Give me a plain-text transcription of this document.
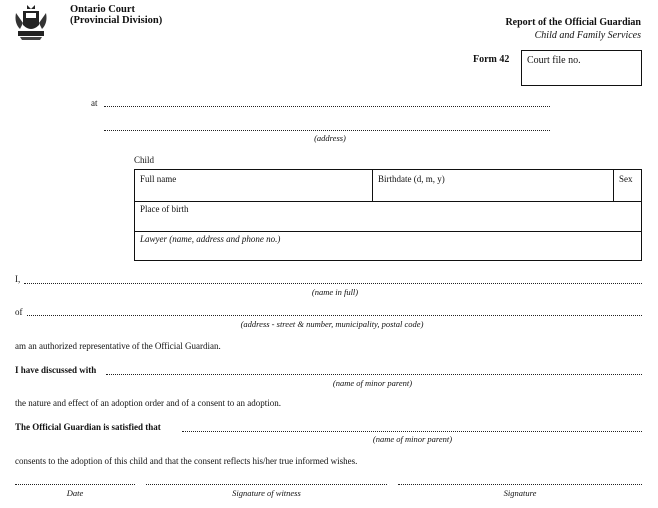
Ontario Court
(Provincial Division)	Report of the Official Guardian
Child and Family Services
Form 42 Court file no.
at
(address)
Child
Full name	Birthdate (d, m, y)	Sex
Place of birth
Lawyer (name, address and phone no.)
I,
(name in full)
of
(address - street & number, municipality, postal code)
am an authorized representative of the Official Guardian.
I have discussed with
(name of minor parent)
the nature and effect of an adoption order and of a consent to an adoption.
The Official Guardian is satisfied that
(name of minor parent)
consents to the adoption of this child and that the consent reflects his/her true informed wishes.
Date	Signature of witness	Signature
